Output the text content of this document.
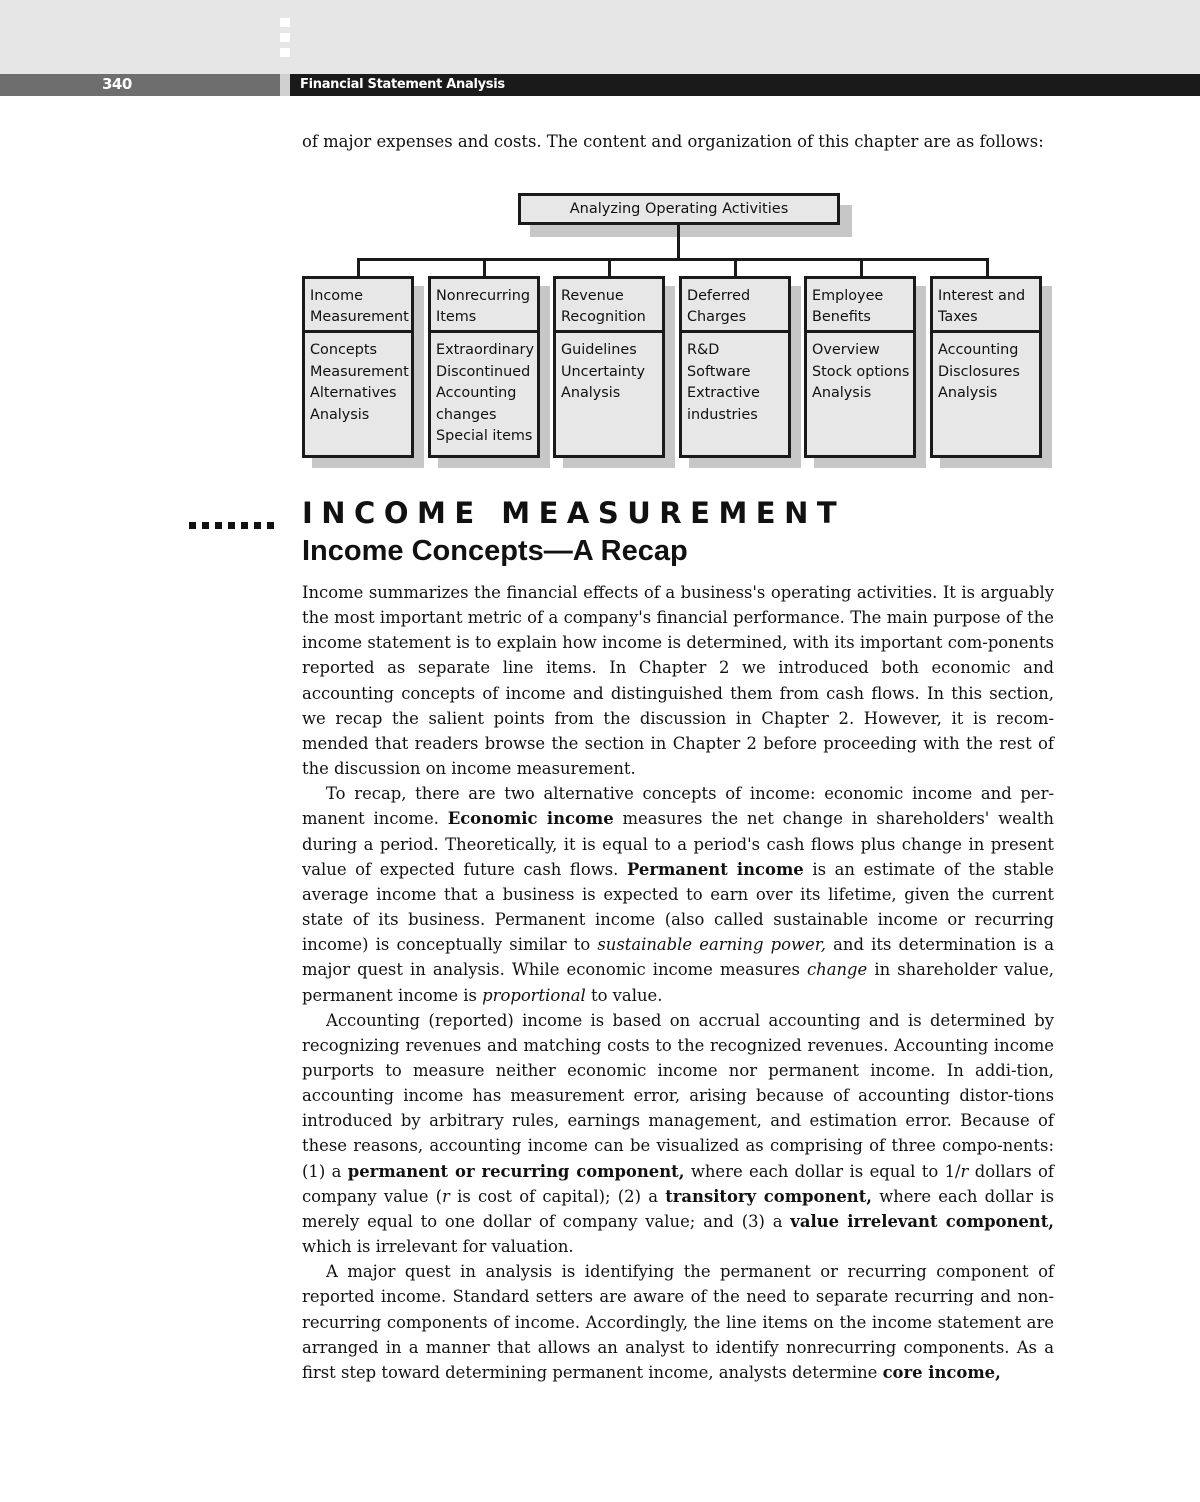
340	Financial Statement Analysis

of major expenses and costs. The content and organization of this chapter are as follows:

Analyzing Operating Activities
Income
Measurement
Concepts
Measurement
Alternatives
Analysis
Nonrecurring
Items
Extraordinary
Discontinued
Accounting
changes
Special items
Revenue
Recognition
Guidelines
Uncertainty
Analysis
Deferred
Charges
R&D
Software
Extractive
industries
Employee
Benefits
Overview
Stock options
Analysis
Interest and
Taxes
Accounting
Disclosures
Analysis
INCOME MEASUREMENT
Income Concepts—A Recap

Income summarizes the financial effects of a business's operating activities. It is arguably the most important metric of a company's financial performance. The main purpose of the income statement is to explain how income is determined, with its important com-ponents reported as separate line items. In Chapter 2 we introduced both economic and accounting concepts of income and distinguished them from cash flows. In this section, we recap the salient points from the discussion in Chapter 2. However, it is recom-mended that readers browse the section in Chapter 2 before proceeding with the rest of the discussion on income measurement.

To recap, there are two alternative concepts of income: economic income and per-manent income. Economic income measures the net change in shareholders' wealth during a period. Theoretically, it is equal to a period's cash flows plus change in present value of expected future cash flows. Permanent income is an estimate of the stable average income that a business is expected to earn over its lifetime, given the current state of its business. Permanent income (also called sustainable income or recurring income) is conceptually similar to sustainable earning power, and its determination is a major quest in analysis. While economic income measures change in shareholder value, permanent income is proportional to value.

Accounting (reported) income is based on accrual accounting and is determined by recognizing revenues and matching costs to the recognized revenues. Accounting income purports to measure neither economic income nor permanent income. In addi-tion, accounting income has measurement error, arising because of accounting distor-tions introduced by arbitrary rules, earnings management, and estimation error. Because of these reasons, accounting income can be visualized as comprising of three compo-nents: (1) a permanent or recurring component, where each dollar is equal to 1/r dollars of company value (r is cost of capital); (2) a transitory component, where each dollar is merely equal to one dollar of company value; and (3) a value irrelevant component, which is irrelevant for valuation.

A major quest in analysis is identifying the permanent or recurring component of reported income. Standard setters are aware of the need to separate recurring and non-recurring components of income. Accordingly, the line items on the income statement are arranged in a manner that allows an analyst to identify nonrecurring components. As a first step toward determining permanent income, analysts determine core income,
